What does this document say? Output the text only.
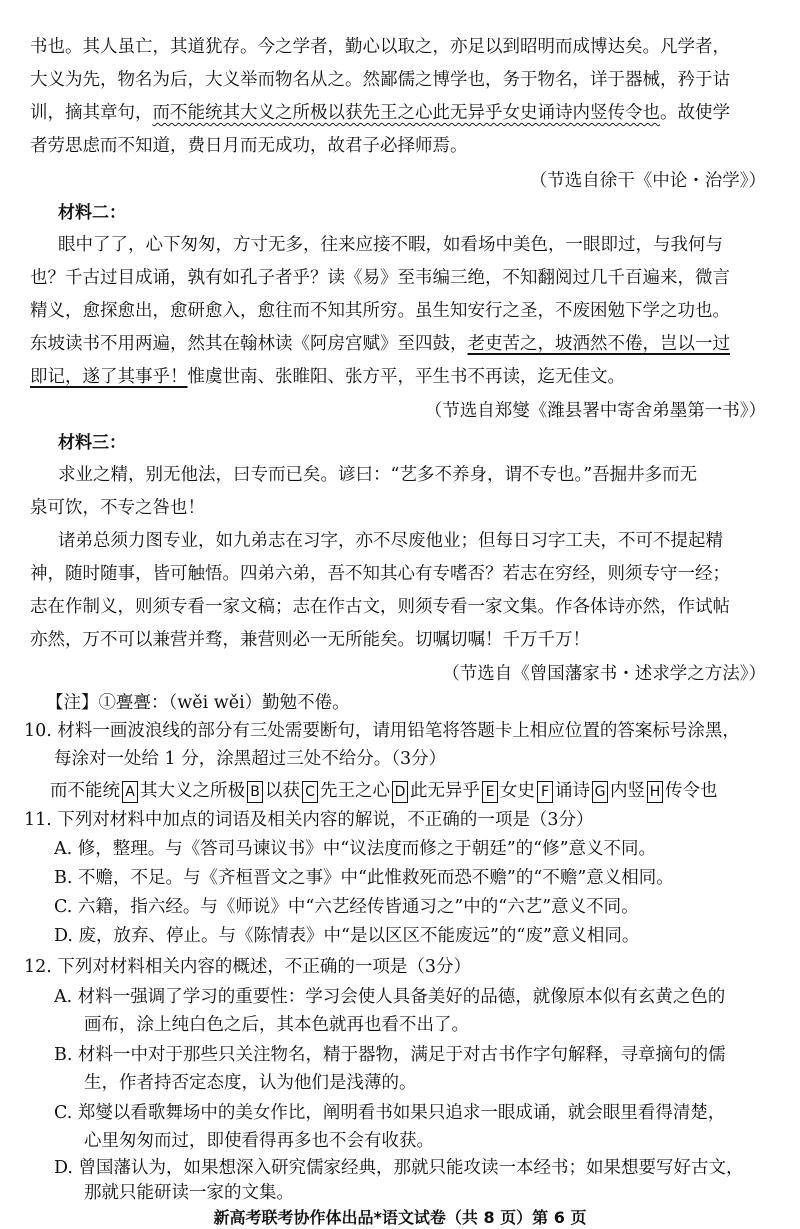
书也。其人虽亡，其道犹存。今之学者，勤心以取之，亦足以到昭明而成博达矣。凡学者，
大义为先，物名为后，大义举而物名从之。然鄙儒之博学也，务于物名，详于器械，矜于诂
训，摘其章句，而不能统其大义之所极以获先王之心此无异乎女史诵诗内竖传令也。故使学
者劳思虑而不知道，费日月而无成功，故君子必择师焉。
（节选自徐干《中论・治学》）
材料二：
眼中了了，心下匆匆，方寸无多，往来应接不暇，如看场中美色，一眼即过，与我何与
也？千古过目成诵，孰有如孔子者乎？读《易》至韦编三绝，不知翻阅过几千百遍来，微言
精义，愈探愈出，愈研愈入，愈往而不知其所穷。虽生知安行之圣，不废困勉下学之功也。
东坡读书不用两遍，然其在翰林读《阿房宫赋》至四鼓，老吏苦之，坡洒然不倦，岂以一过
即记，遂了其事乎！惟虞世南、张睢阳、张方平，平生书不再读，迄无佳文。
（节选自郑燮《潍县署中寄舍弟墨第一书》）
材料三：
求业之精，别无他法，曰专而已矣。谚曰：“艺多不养身，谓不专也。”吾掘井多而无
泉可饮，不专之咎也！
诸弟总须力图专业，如九弟志在习字，亦不尽废他业；但每日习字工夫，不可不提起精
神，随时随事，皆可触悟。四弟六弟，吾不知其心有专嗜否？若志在穷经，则须专守一经；
志在作制义，则须专看一家文稿；志在作古文，则须专看一家文集。作各体诗亦然，作试帖
亦然，万不可以兼营并骛，兼营则必一无所能矣。切嘱切嘱！千万千万！
（节选自《曾国藩家书・述求学之方法》）
【注】①亹亹：（wěi wěi）勤勉不倦。
10. 材料一画波浪线的部分有三处需要断句，请用铅笔将答题卡上相应位置的答案标号涂黑，
每涂对一处给 1 分，涂黑超过三处不给分。（3分）
而不能统 A 其大义之所极 B 以获 C 先王之心 D 此无异乎 E 女史 F 诵诗 G 内竖 H 传令也
11. 下列对材料中加点的词语及相关内容的解说，不正确的一项是（3分）
A. 修，整理。与《答司马谏议书》中“议法度而修之于朝廷”的“修”意义不同。
B. 不赡，不足。与《齐桓晋文之事》中“此惟救死而恐不赡”的“不赡”意义相同。
C. 六籍，指六经。与《师说》中“六艺经传皆通习之”中的“六艺”意义不同。
D. 废，放弃、停止。与《陈情表》中“是以区区不能废远”的“废”意义相同。
12. 下列对材料相关内容的概述，不正确的一项是（3分）
A. 材料一强调了学习的重要性：学习会使人具备美好的品德，就像原本似有玄黄之色的
画布，涂上纯白色之后，其本色就再也看不出了。
B. 材料一中对于那些只关注物名，精于器物，满足于对古书作字句解释，寻章摘句的儒
生，作者持否定态度，认为他们是浅薄的。
C. 郑燮以看歌舞场中的美女作比，阐明看书如果只追求一眼成诵，就会眼里看得清楚，
心里匆匆而过，即使看得再多也不会有收获。
新高考联考协作体出品*语文试卷（共 8 页）第 6 页
D. 曾国藩认为，如果想深入研究儒家经典，那就只能攻读一本经书；如果想要写好古文，
那就只能研读一家的文集。
